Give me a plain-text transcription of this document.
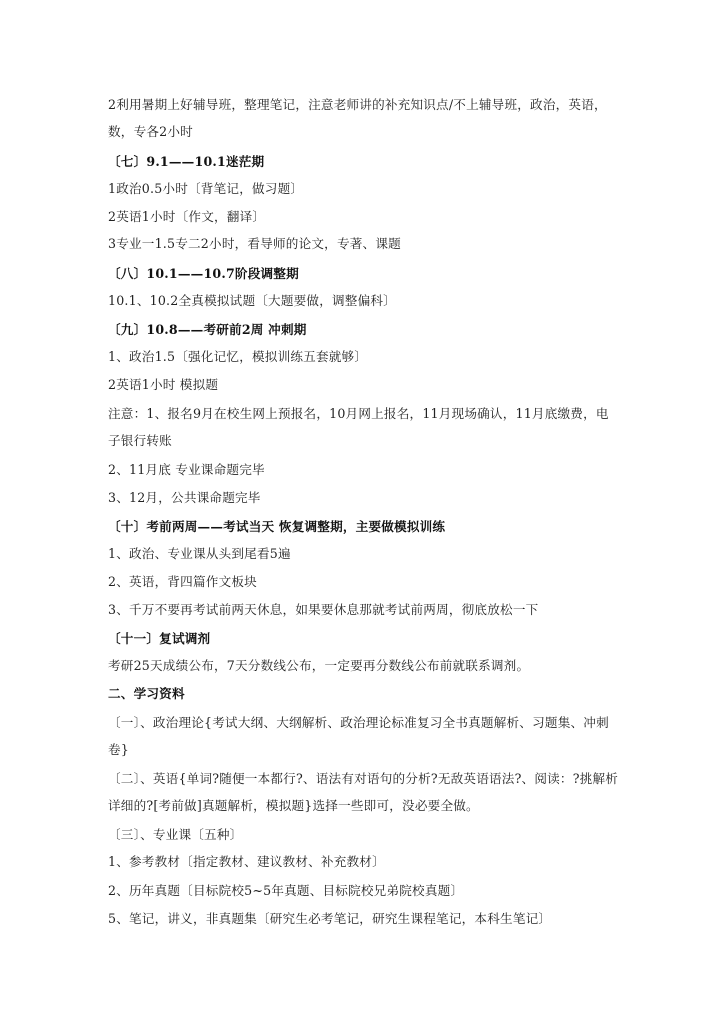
2利用暑期上好辅导班，整理笔记，注意老师讲的补充知识点/不上辅导班，政治，英语，
数，专各2小时
〔七〕9.1——10.1迷茫期
1政治0.5小时〔背笔记，做习题〕
2英语1小时〔作文，翻译〕
3专业一1.5专二2小时，看导师的论文，专著、课题
〔八〕10.1——10.7阶段调整期
10.1、10.2全真模拟试题〔大题要做，调整偏科〕
〔九〕10.8——考研前2周 冲刺期
1、政治1.5〔强化记忆，模拟训练五套就够〕
2英语1小时 模拟题
注意：1、报名9月在校生网上预报名，10月网上报名，11月现场确认，11月底缴费，电
子银行转账
2、11月底 专业课命题完毕
3、12月，公共课命题完毕
〔十〕考前两周——考试当天 恢复调整期，主要做模拟训练
1、政治、专业课从头到尾看5遍
2、英语，背四篇作文板块
3、千万不要再考试前两天休息，如果要休息那就考试前两周，彻底放松一下
〔十一〕复试调剂
考研25天成绩公布，7天分数线公布，一定要再分数线公布前就联系调剂。
二、学习资料
〔一〕、政治理论{考试大纲、大纲解析、政治理论标准复习全书真题解析、习题集、冲刺
卷}
〔二〕、英语{单词?随便一本都行?、语法有对语句的分析?无敌英语语法?、阅读：?挑解析
详细的?[考前做]真题解析，模拟题}选择一些即可，没必要全做。
〔三〕、专业课〔五种〕
1、参考教材〔指定教材、建议教材、补充教材〕
2、历年真题〔目标院校5~5年真题、目标院校兄弟院校真题〕
5、笔记，讲义，非真题集〔研究生必考笔记，研究生课程笔记，本科生笔记〕
